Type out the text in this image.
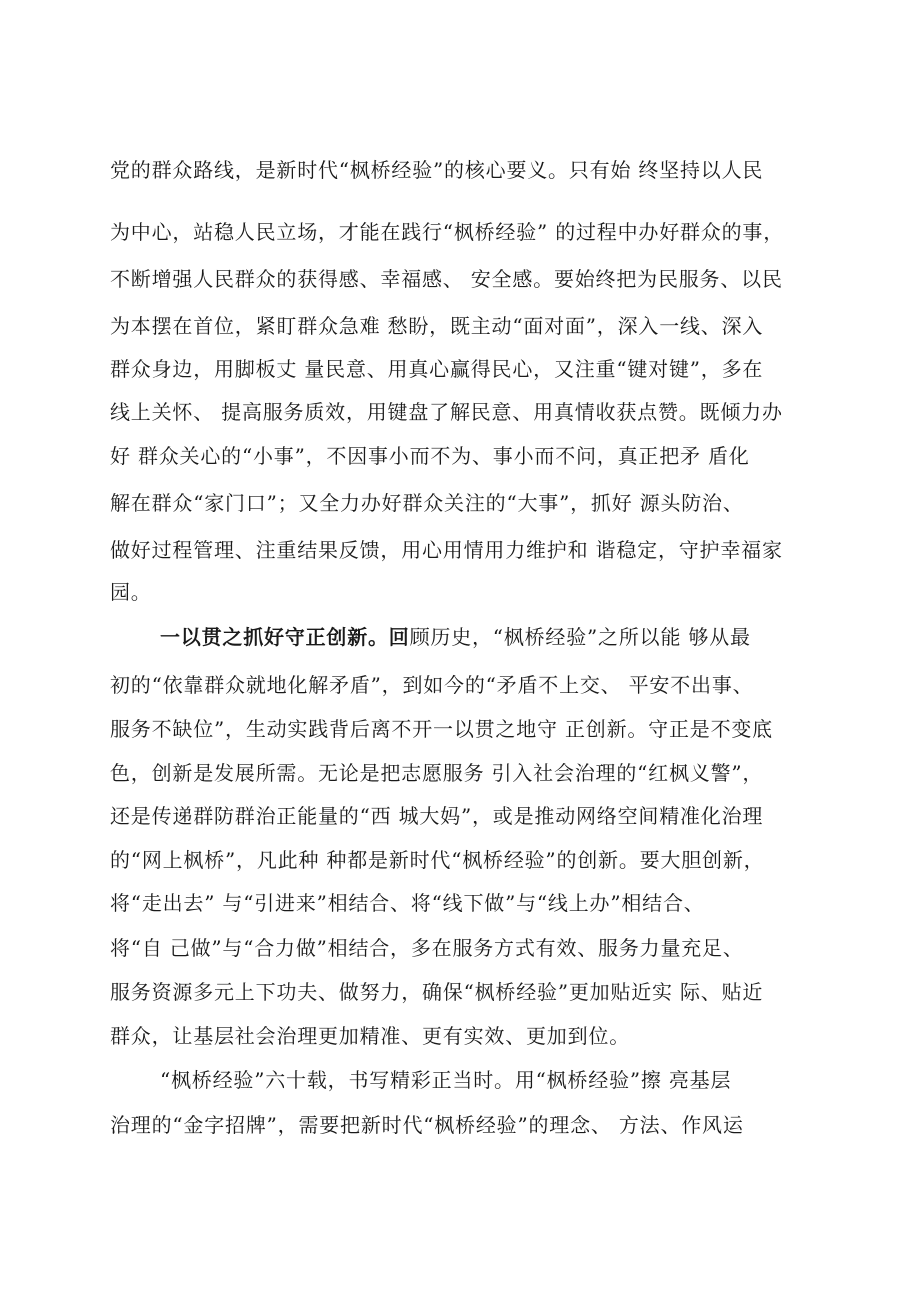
党的群众路线，是新时代“枫桥经验”的核心要义。只有始 终坚持以人民
为中心，站稳人民立场，才能在践行“枫桥经验” 的过程中办好群众的事，
不断增强人民群众的获得感、幸福感、 安全感。要始终把为民服务、以民
为本摆在首位，紧盯群众急难 愁盼，既主动“面对面”，深入一线、深入
群众身边，用脚板丈 量民意、用真心赢得民心，又注重“键对键”，多在
线上关怀、 提高服务质效，用键盘了解民意、用真情收获点赞。既倾力办
好 群众关心的“小事”，不因事小而不为、事小而不问，真正把矛 盾化
解在群众“家门口”；又全力办好群众关注的“大事”，抓好 源头防治、
做好过程管理、注重结果反馈，用心用情用力维护和 谐稳定，守护幸福家
园。
一以贯之抓好守正创新。回顾历史，“枫桥经验”之所以能 够从最
初的“依靠群众就地化解矛盾”，到如今的“矛盾不上交、 平安不出事、
服务不缺位”，生动实践背后离不开一以贯之地守 正创新。守正是不变底
色，创新是发展所需。无论是把志愿服务 引入社会治理的“红枫义警”，
还是传递群防群治正能量的“西 城大妈”，或是推动网络空间精准化治理
的“网上枫桥”，凡此种 种都是新时代“枫桥经验”的创新。要大胆创新，
将“走出去” 与“引进来”相结合、将“线下做”与“线上办”相结合、
将“自 己做”与“合力做”相结合，多在服务方式有效、服务力量充足、
服务资源多元上下功夫、做努力，确保“枫桥经验”更加贴近实 际、贴近
群众，让基层社会治理更加精准、更有实效、更加到位。
“枫桥经验”六十载，书写精彩正当时。用“枫桥经验”擦 亮基层
治理的“金字招牌”，需要把新时代“枫桥经验”的理念、 方法、作风运
